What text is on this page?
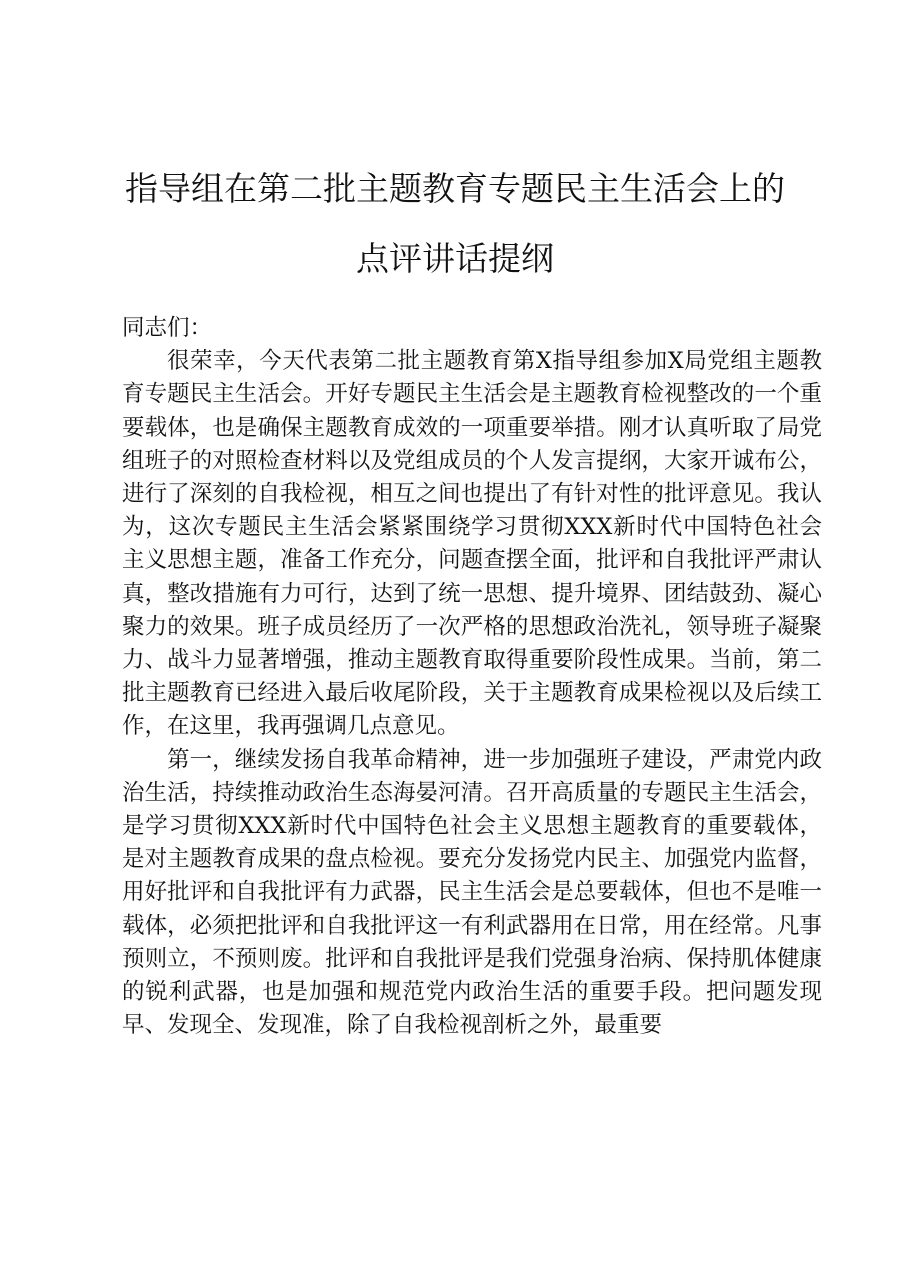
指导组在第二批主题教育专题民主生活会上的
点评讲话提纲

同志们：

很荣幸，今天代表第二批主题教育第X指导组参加X局党组主题教育专题民主生活会。开好专题民主生活会是主题教育检视整改的一个重要载体，也是确保主题教育成效的一项重要举措。刚才认真听取了局党组班子的对照检查材料以及党组成员的个人发言提纲，大家开诚布公，进行了深刻的自我检视，相互之间也提出了有针对性的批评意见。我认为，这次专题民主生活会紧紧围绕学习贯彻XXX新时代中国特色社会主义思想主题，准备工作充分，问题查摆全面，批评和自我批评严肃认真，整改措施有力可行，达到了统一思想、提升境界、团结鼓劲、凝心聚力的效果。班子成员经历了一次严格的思想政治洗礼，领导班子凝聚力、战斗力显著增强，推动主题教育取得重要阶段性成果。当前，第二批主题教育已经进入最后收尾阶段，关于主题教育成果检视以及后续工作，在这里，我再强调几点意见。

第一，继续发扬自我革命精神，进一步加强班子建设，严肃党内政治生活，持续推动政治生态海晏河清。召开高质量的专题民主生活会，是学习贯彻XXX新时代中国特色社会主义思想主题教育的重要载体，是对主题教育成果的盘点检视。要充分发扬党内民主、加强党内监督，用好批评和自我批评有力武器，民主生活会是总要载体，但也不是唯一载体，必须把批评和自我批评这一有利武器用在日常，用在经常。凡事预则立，不预则废。批评和自我批评是我们党强身治病、保持肌体健康的锐利武器，也是加强和规范党内政治生活的重要手段。把问题发现早、发现全、发现准，除了自我检视剖析之外，最重要
